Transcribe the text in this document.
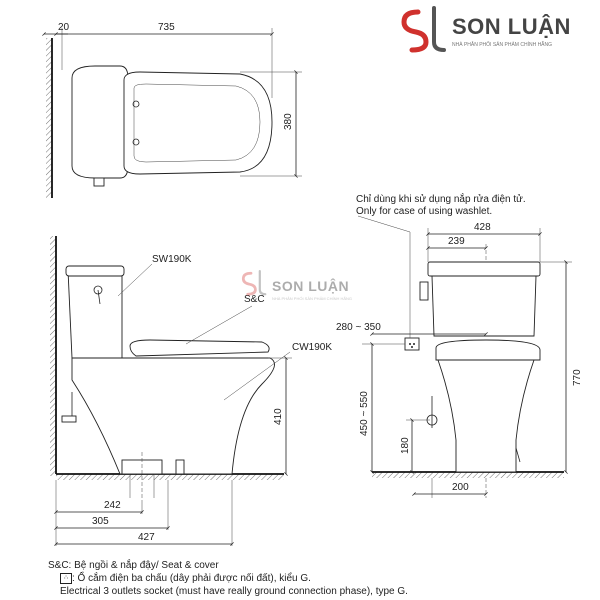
20	735
380
SW190K
S&C
CW190K
410
242
305
427
428
239
280 ~ 350
770
450 ~ 550
180
200
SON LUẬN
NHÀ PHÂN PHỐI SẢN PHẨM CHÍNH HÃNG
SON LUẬN
NHÀ PHÂN PHỐI SẢN PHẨM CHÍNH HÃNG
Chỉ dùng khi sử dụng nắp rửa điện tử.
Only for case of using washlet.
S&C: Bệ ngồi & nắp đậy/ Seat & cover
∴ : Ổ cắm điện ba chấu (dây phải được nối đất), kiểu G.
Electrical 3 outlets socket (must have really ground connection phase), type G.
